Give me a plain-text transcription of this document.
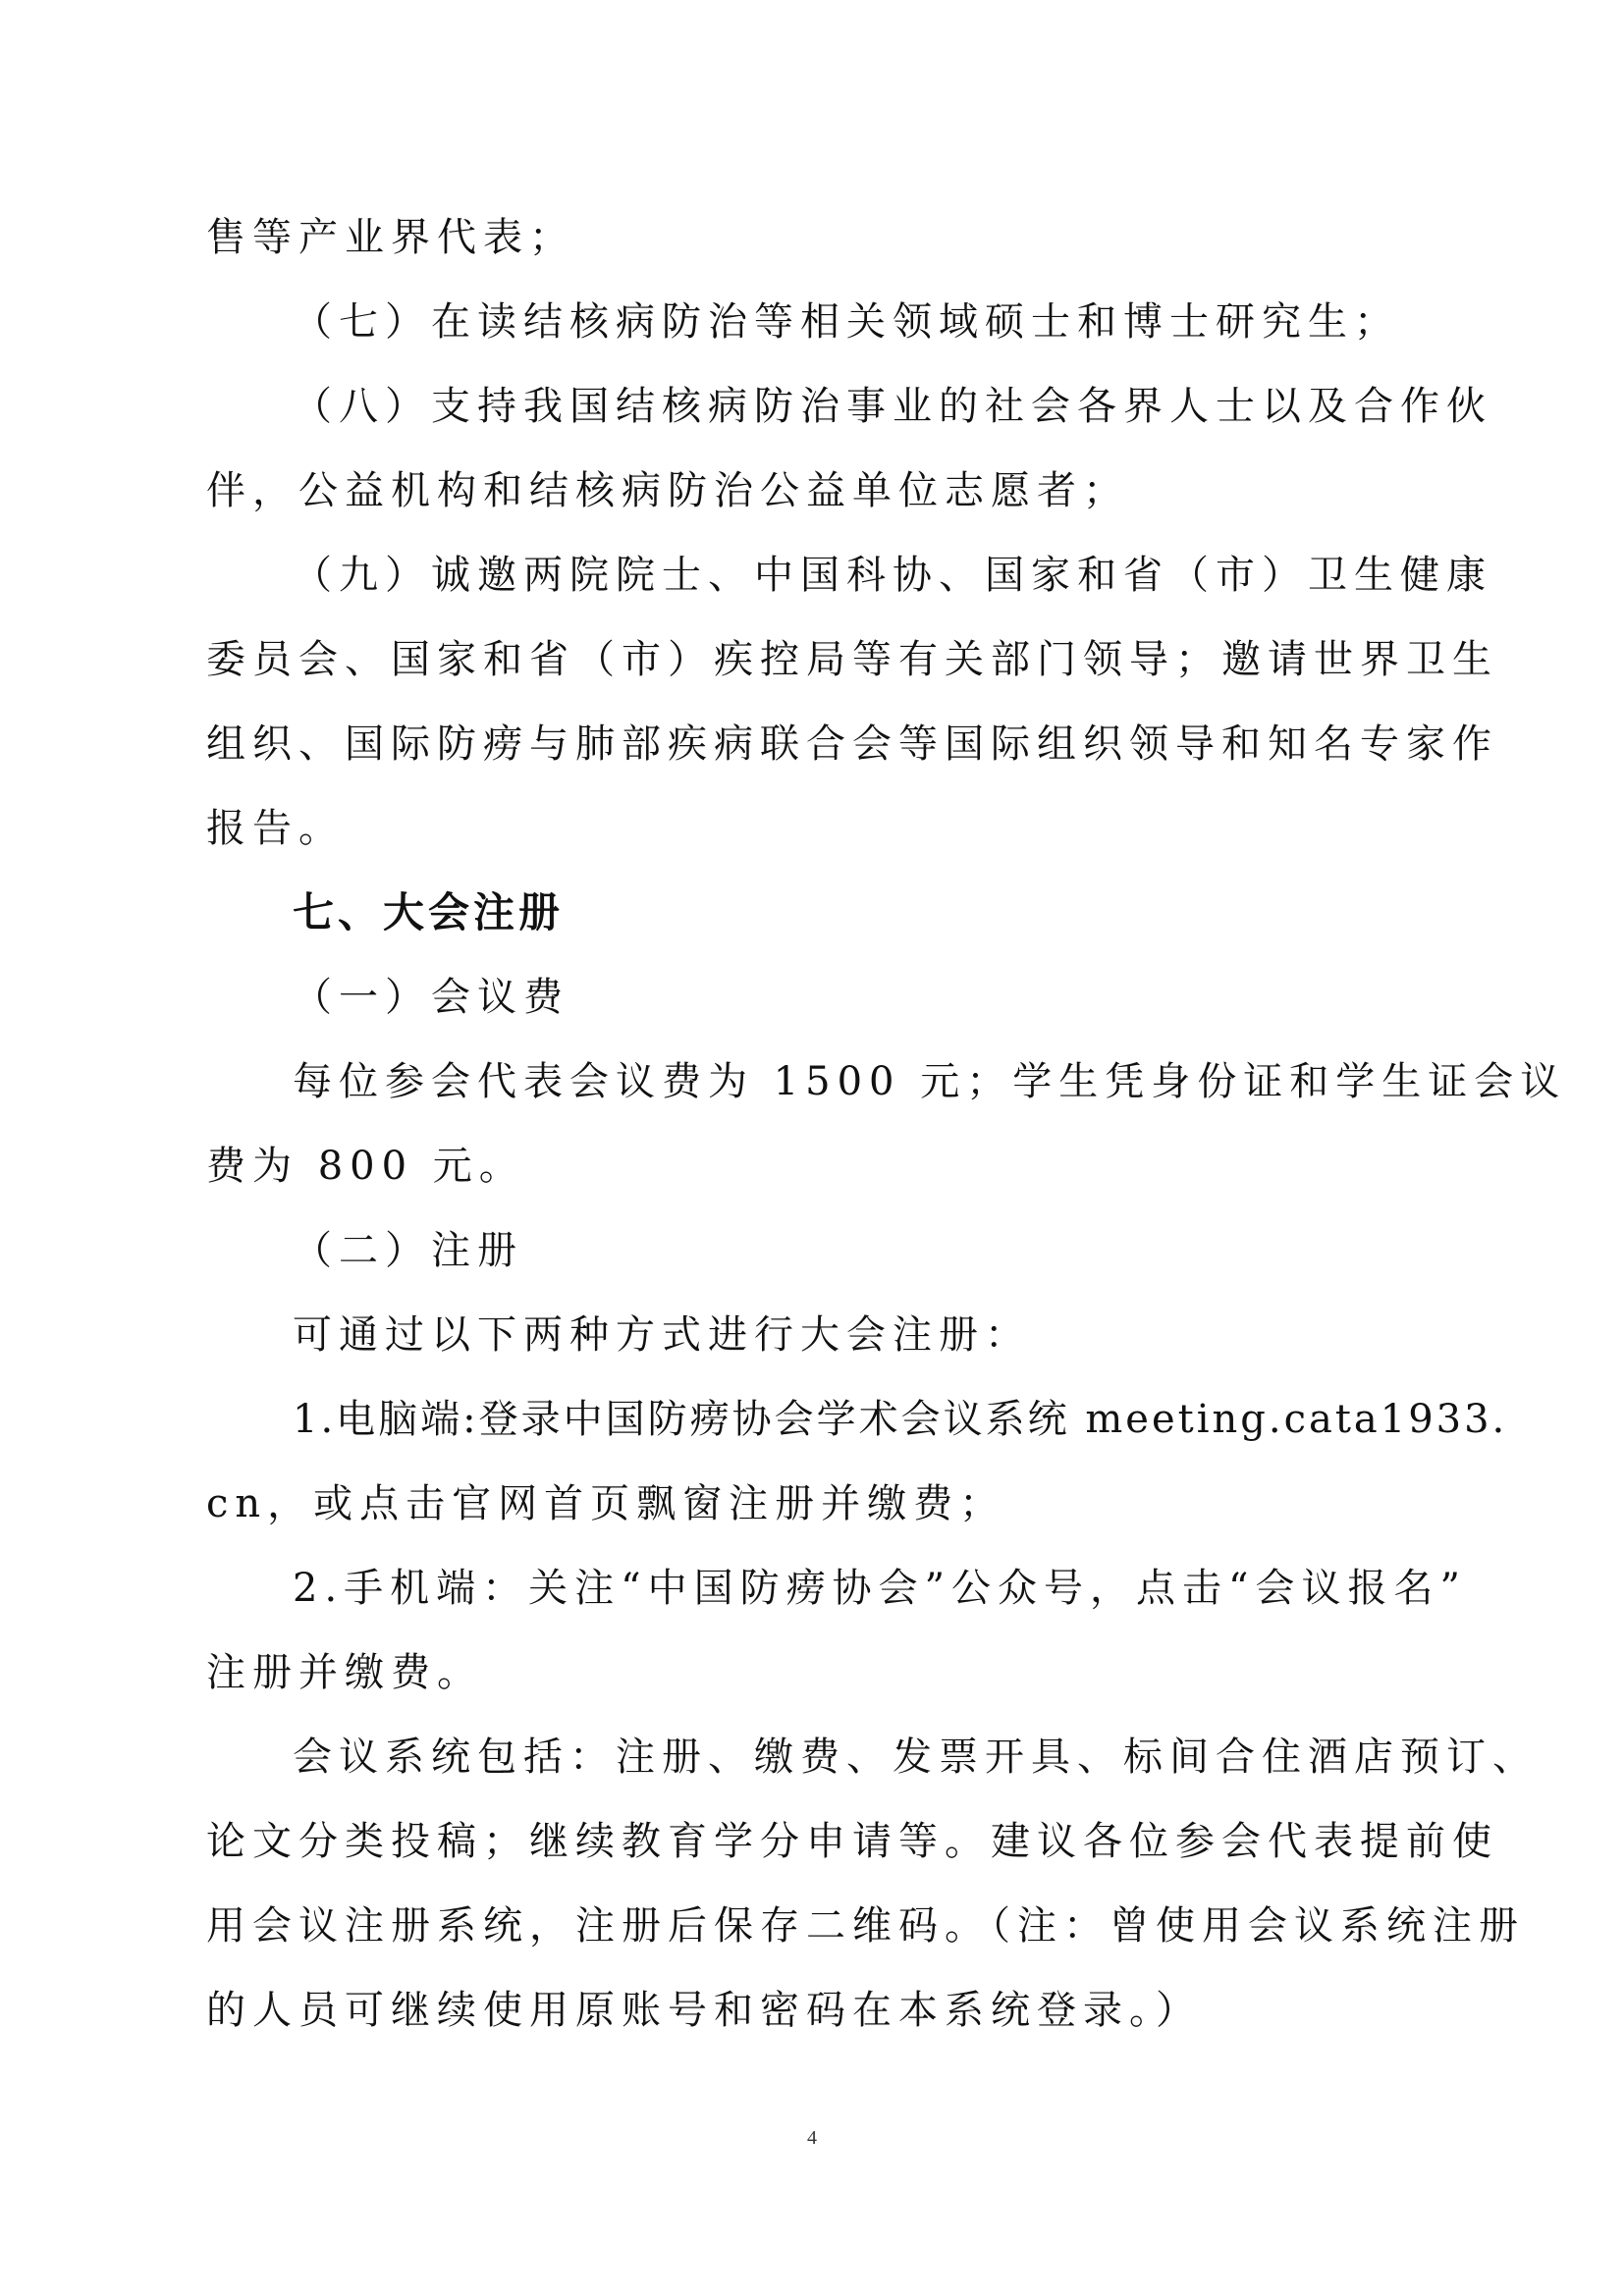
售等产业界代表；
（七）在读结核病防治等相关领域硕士和博士研究生；
（八）支持我国结核病防治事业的社会各界人士以及合作伙
伴，公益机构和结核病防治公益单位志愿者；
（九）诚邀两院院士、中国科协、国家和省（市）卫生健康
委员会、国家和省（市）疾控局等有关部门领导；邀请世界卫生
组织、国际防痨与肺部疾病联合会等国际组织领导和知名专家作
报告。
七、大会注册
（一）会议费
每位参会代表会议费为 1500 元；学生凭身份证和学生证会议
费为 800 元。
（二）注册
可通过以下两种方式进行大会注册：
1.电脑端:登录中国防痨协会学术会议系统 meeting.cata1933.
cn，或点击官网首页飘窗注册并缴费；
2.手机端：关注“中国防痨协会”公众号，点击“会议报名”
注册并缴费。
会议系统包括：注册、缴费、发票开具、标间合住酒店预订、
论文分类投稿；继续教育学分申请等。建议各位参会代表提前使
用会议注册系统，注册后保存二维码。（注：曾使用会议系统注册
的人员可继续使用原账号和密码在本系统登录。）
4
